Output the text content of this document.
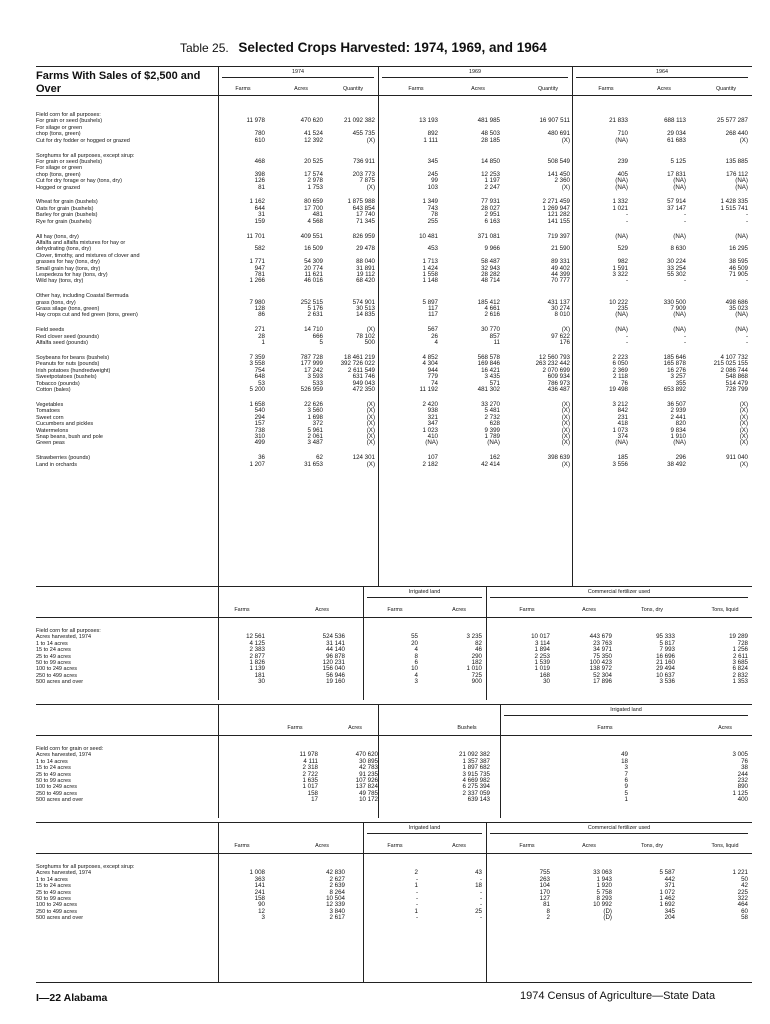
Table 25. Selected Crops Harvested: 1974, 1969, and 1964
Farms With Sales of $2,500 and Over
I—22 Alabama	1974 Census of Agriculture—State Data
1974	1969	1964
Farms	Acres	Quantity	Farms	Acres	Quantity	Farms	Acres	Quantity
Field corn for all purposes:
For grain or seed (bushels)	11 978	470 620	21 092 382	13 193	481 985	16 907 511	21 833	688 113	25 577 287
For silage or green
chop (tons, green)	780	41 524	455 735	892	48 503	480 691	710	29 034	268 440
Cut for dry fodder or hogged or grazed	610	12 392	(X)	1 111	28 185	(X)	(NA)	61 683	(X)
Sorghums for all purposes, except sirup:
For grain or seed (bushels)	468	20 525	736 911	345	14 850	508 549	239	5 125	135 885
For silage or green
chop (tons, green)	398	17 574	203 773	245	12 253	141 450	405	17 831	176 112
Cut for dry forage or hay (tons, dry)	126	2 978	7 875	99	1 197	2 360	(NA)	(NA)	(NA)
Hogged or grazed	81	1 753	(X)	103	2 247	(X)	(NA)	(NA)	(NA)
Wheat for grain (bushels)	1 162	80 659	1 875 988	1 349	77 931	2 271 459	1 332	57 914	1 428 335
Oats for grain (bushels)	644	17 700	643 854	743	28 027	1 269 947	1 021	37 147	1 515 741
Barley for grain (bushels)	31	481	17 740	78	2 951	121 282	-	-	-
Rye for grain (bushels)	159	4 568	71 345	255	6 163	141 155	-	-	-
All hay (tons, dry)	11 701	409 551	826 959	10 481	371 081	719 397	(NA)	(NA)	(NA)
Alfalfa and alfalfa mixtures for hay or
dehydrating (tons, dry)	582	16 509	29 478	453	9 966	21 590	529	8 630	16 295
Clover, timothy, and mixtures of clover and
grasses for hay (tons, dry)	1 771	54 309	88 040	1 713	58 487	89 331	982	30 224	38 595
Small grain hay (tons, dry)	947	20 774	31 891	1 424	32 943	49 402	1 591	33 254	46 509
Lespedeza for hay (tons, dry)	781	11 621	19 112	1 558	28 282	44 399	3 322	55 302	71 905
Wild hay (tons, dry)	1 266	46 016	68 420	1 148	48 714	70 777	-	-	-
Other hay, including Coastal Bermuda
grass (tons, dry)	7 980	252 515	574 901	5 897	185 412	431 137	10 222	330 500	498 686
Grass silage (tons, green)	128	5 176	30 513	117	4 661	30 274	235	7 909	35 023
Hay crops cut and fed green (tons, green)	86	2 631	14 835	117	2 616	8 010	(NA)	(NA)	(NA)
Field seeds	271	14 710	(X)	567	30 770	(X)	(NA)	(NA)	(NA)
Red clover seed (pounds)	28	666	78 102	26	857	97 622	-	-	-
Alfalfa seed (pounds)	1	5	500	4	11	176	-	-	-
Soybeans for beans (bushels)	7 359	787 728	18 461 219	4 852	568 578	12 560 793	2 223	185 646	4 107 732
Peanuts for nuts (pounds)	3 558	177 999	392 726 022	4 304	169 846	263 232 442	6 050	165 878	215 025 155
Irish potatoes (hundredweight)	754	17 242	2 611 549	944	16 421	2 070 699	2 369	16 276	2 086 744
Sweetpotatoes (bushels)	648	3 593	631 746	779	3 435	609 934	2 118	3 257	548 868
Tobacco (pounds)	53	533	949 043	74	571	786 973	76	355	514 479
Cotton (bales)	5 200	526 959	472 350	11 192	481 302	436 487	19 498	653 892	728 799
Vegetables	1 658	22 626	(X)	2 420	33 270	(X)	3 212	36 507	(X)
Tomatoes	540	3 560	(X)	938	5 481	(X)	842	2 939	(X)
Sweet corn	294	1 698	(X)	321	2 732	(X)	231	2 441	(X)
Cucumbers and pickles	157	372	(X)	347	628	(X)	418	820	(X)
Watermelons	738	5 961	(X)	1 023	9 399	(X)	1 073	9 834	(X)
Snap beans, bush and pole	310	2 061	(X)	410	1 789	(X)	374	1 910	(X)
Green peas	499	3 487	(X)	(NA)	(NA)	(X)	(NA)	(NA)	(X)
Strawberries (pounds)	36	62	124 301	107	162	398 639	185	296	911 040
Land in orchards	1 207	31 653	(X)	2 182	42 414	(X)	3 556	38 492	(X)
Irrigated land	Commercial fertilizer used
Farms	Acres	Farms	Acres	Farms	Acres	Tons, dry	Tons, liquid
Field corn for all purposes:
Acres harvested, 1974	12 561	524 536	55	3 235	10 017	443 679	95 333	19 289
1 to 14 acres	4 125	31 141	20	82	3 114	23 763	5 817	728
15 to 24 acres	2 383	44 140	4	46	1 894	34 971	7 993	1 256
25 to 49 acres	2 877	96 878	8	290	2 253	75 350	16 696	2 611
50 to 99 acres	1 826	120 231	6	182	1 539	100 423	21 160	3 685
100 to 249 acres	1 139	156 040	10	1 010	1 019	138 972	29 494	6 824
250 to 499 acres	181	56 946	4	725	168	52 304	10 637	2 832
500 acres and over	30	19 160	3	900	30	17 896	3 536	1 353
Irrigated land
Farms	Acres	Bushels	Farms	Acres
Field corn for grain or seed:
Acres harvested, 1974	11 978	470 620	21 092 382	49	3 005
1 to 14 acres	4 111	30 895	1 357 387	18	76
15 to 24 acres	2 318	42 783	1 897 682	3	38
25 to 49 acres	2 722	91 235	3 915 735	7	244
50 to 99 acres	1 635	107 926	4 669 982	6	232
100 to 249 acres	1 017	137 824	6 275 394	9	890
250 to 499 acres	158	49 785	2 337 059	5	1 125
500 acres and over	17	10 172	639 143	1	400
Irrigated land	Commercial fertilizer used
Farms	Acres	Farms	Acres	Farms	Acres	Tons, dry	Tons, liquid
Sorghums for all purposes, except sirup:
Acres harvested, 1974	1 008	42 830	2	43	755	33 063	5 587	1 221
1 to 14 acres	363	2 627	-	-	263	1 943	442	50
15 to 24 acres	141	2 639	1	18	104	1 920	371	42
25 to 49 acres	241	8 264	-	-	170	5 758	1 072	225
50 to 99 acres	158	10 504	-	-	127	8 293	1 462	322
100 to 249 acres	90	12 339	-	-	81	10 992	1 692	464
250 to 499 acres	12	3 840	1	25	8	(D)	345	60
500 acres and over	3	2 617	-	-	2	(D)	204	58
